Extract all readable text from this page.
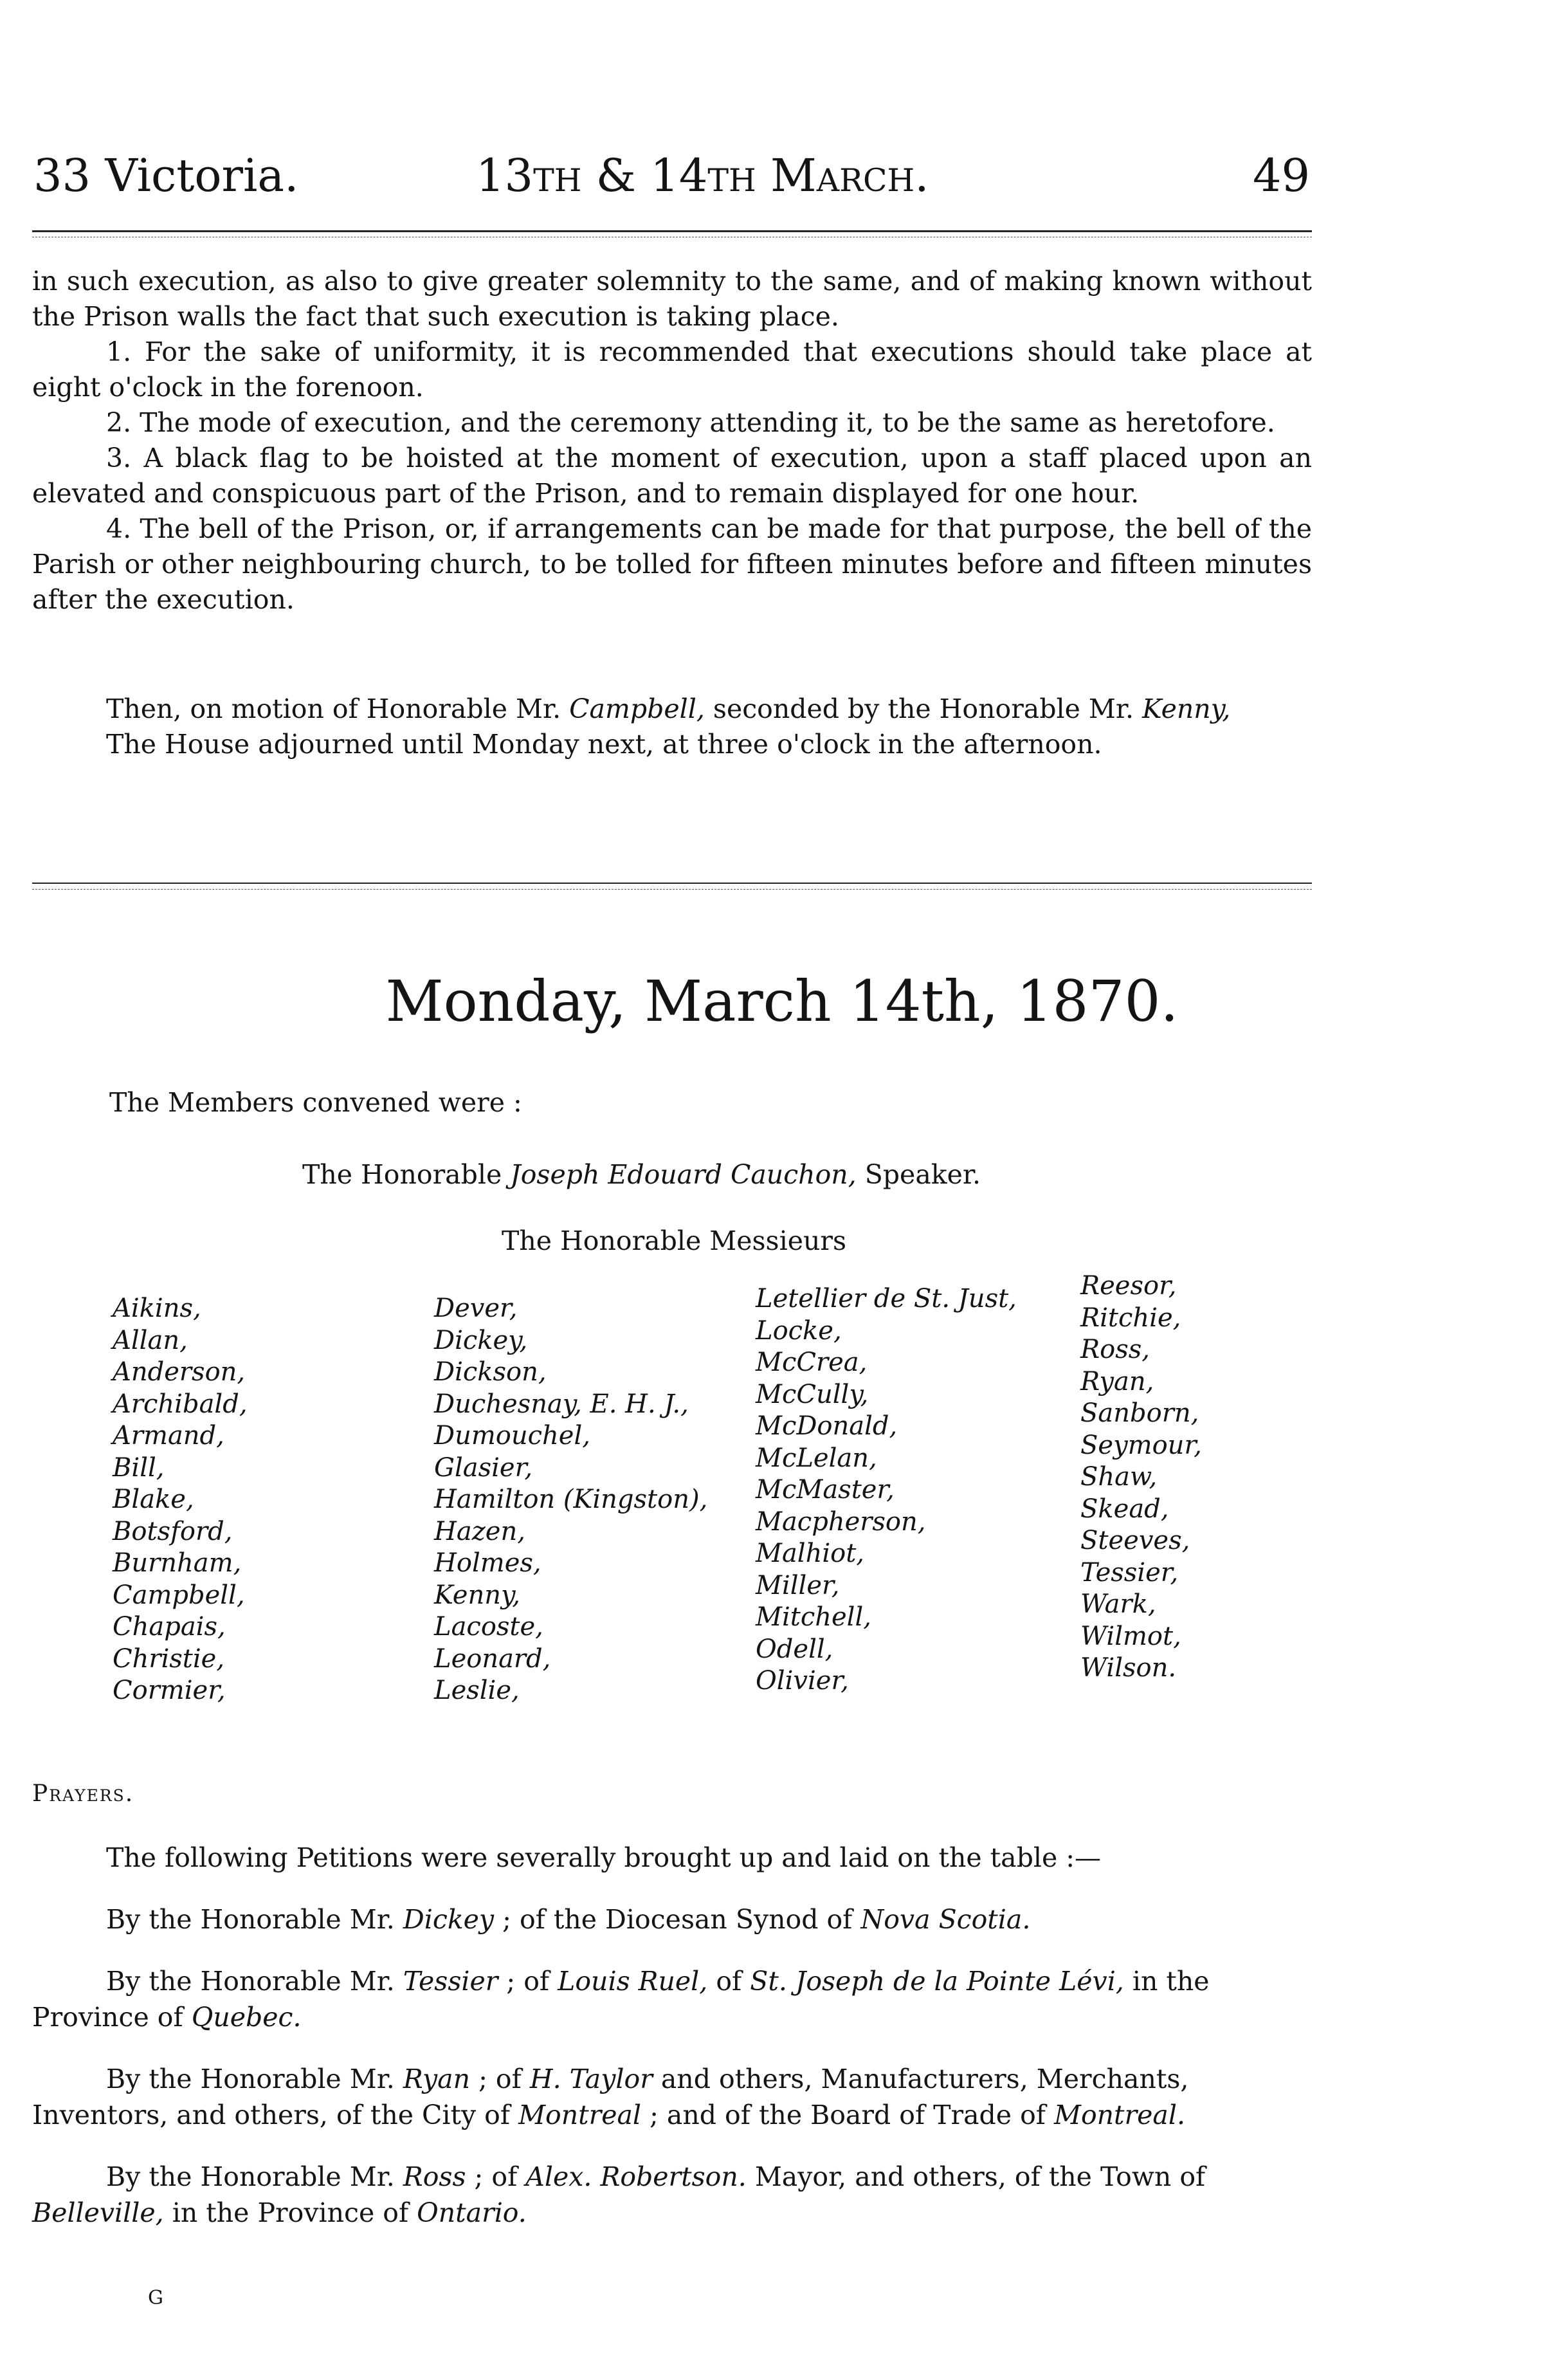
33 Victoria.	13th & 14th March.	49

in such execution, as also to give greater solemnity to the same, and of making known without the Prison walls the fact that such execution is taking place.

1. For the sake of uniformity, it is recommended that executions should take place at eight o'clock in the forenoon.

2. The mode of execution, and the ceremony attending it, to be the same as heretofore.

3. A black flag to be hoisted at the moment of execution, upon a staff placed upon an elevated and conspicuous part of the Prison, and to remain displayed for one hour.

4. The bell of the Prison, or, if arrangements can be made for that purpose, the bell of the Parish or other neighbouring church, to be tolled for fifteen minutes before and fifteen minutes after the execution.

Then, on motion of Honorable Mr. Campbell, seconded by the Honorable Mr. Kenny,

The House adjourned until Monday next, at three o'clock in the afternoon.

Monday, March 14th, 1870.
The Members convened were :
The Honorable Joseph Edouard Cauchon, Speaker.
The Honorable Messieurs
Aikins,
Allan,
Anderson,
Archibald,
Armand,
Bill,
Blake,
Botsford,
Burnham,
Campbell,
Chapais,
Christie,
Cormier,
Dever,
Dickey,
Dickson,
Duchesnay, E. H. J.,
Dumouchel,
Glasier,
Hamilton (Kingston),
Hazen,
Holmes,
Kenny,
Lacoste,
Leonard,
Leslie,
Letellier de St. Just,
Locke,
McCrea,
McCully,
McDonald,
McLelan,
McMaster,
Macpherson,
Malhiot,
Miller,
Mitchell,
Odell,
Olivier,
Reesor,
Ritchie,
Ross,
Ryan,
Sanborn,
Seymour,
Shaw,
Skead,
Steeves,
Tessier,
Wark,
Wilmot,
Wilson.
Prayers.

The following Petitions were severally brought up and laid on the table :—

By the Honorable Mr. Dickey ; of the Diocesan Synod of Nova Scotia.

By the Honorable Mr. Tessier ; of Louis Ruel, of St. Joseph de la Pointe Lévi, in the Province of Quebec.

By the Honorable Mr. Ryan ; of H. Taylor and others, Manufacturers, Merchants, Inventors, and others, of the City of Montreal ; and of the Board of Trade of Montreal.

By the Honorable Mr. Ross ; of Alex. Robertson. Mayor, and others, of the Town of Belleville, in the Province of Ontario.

G
